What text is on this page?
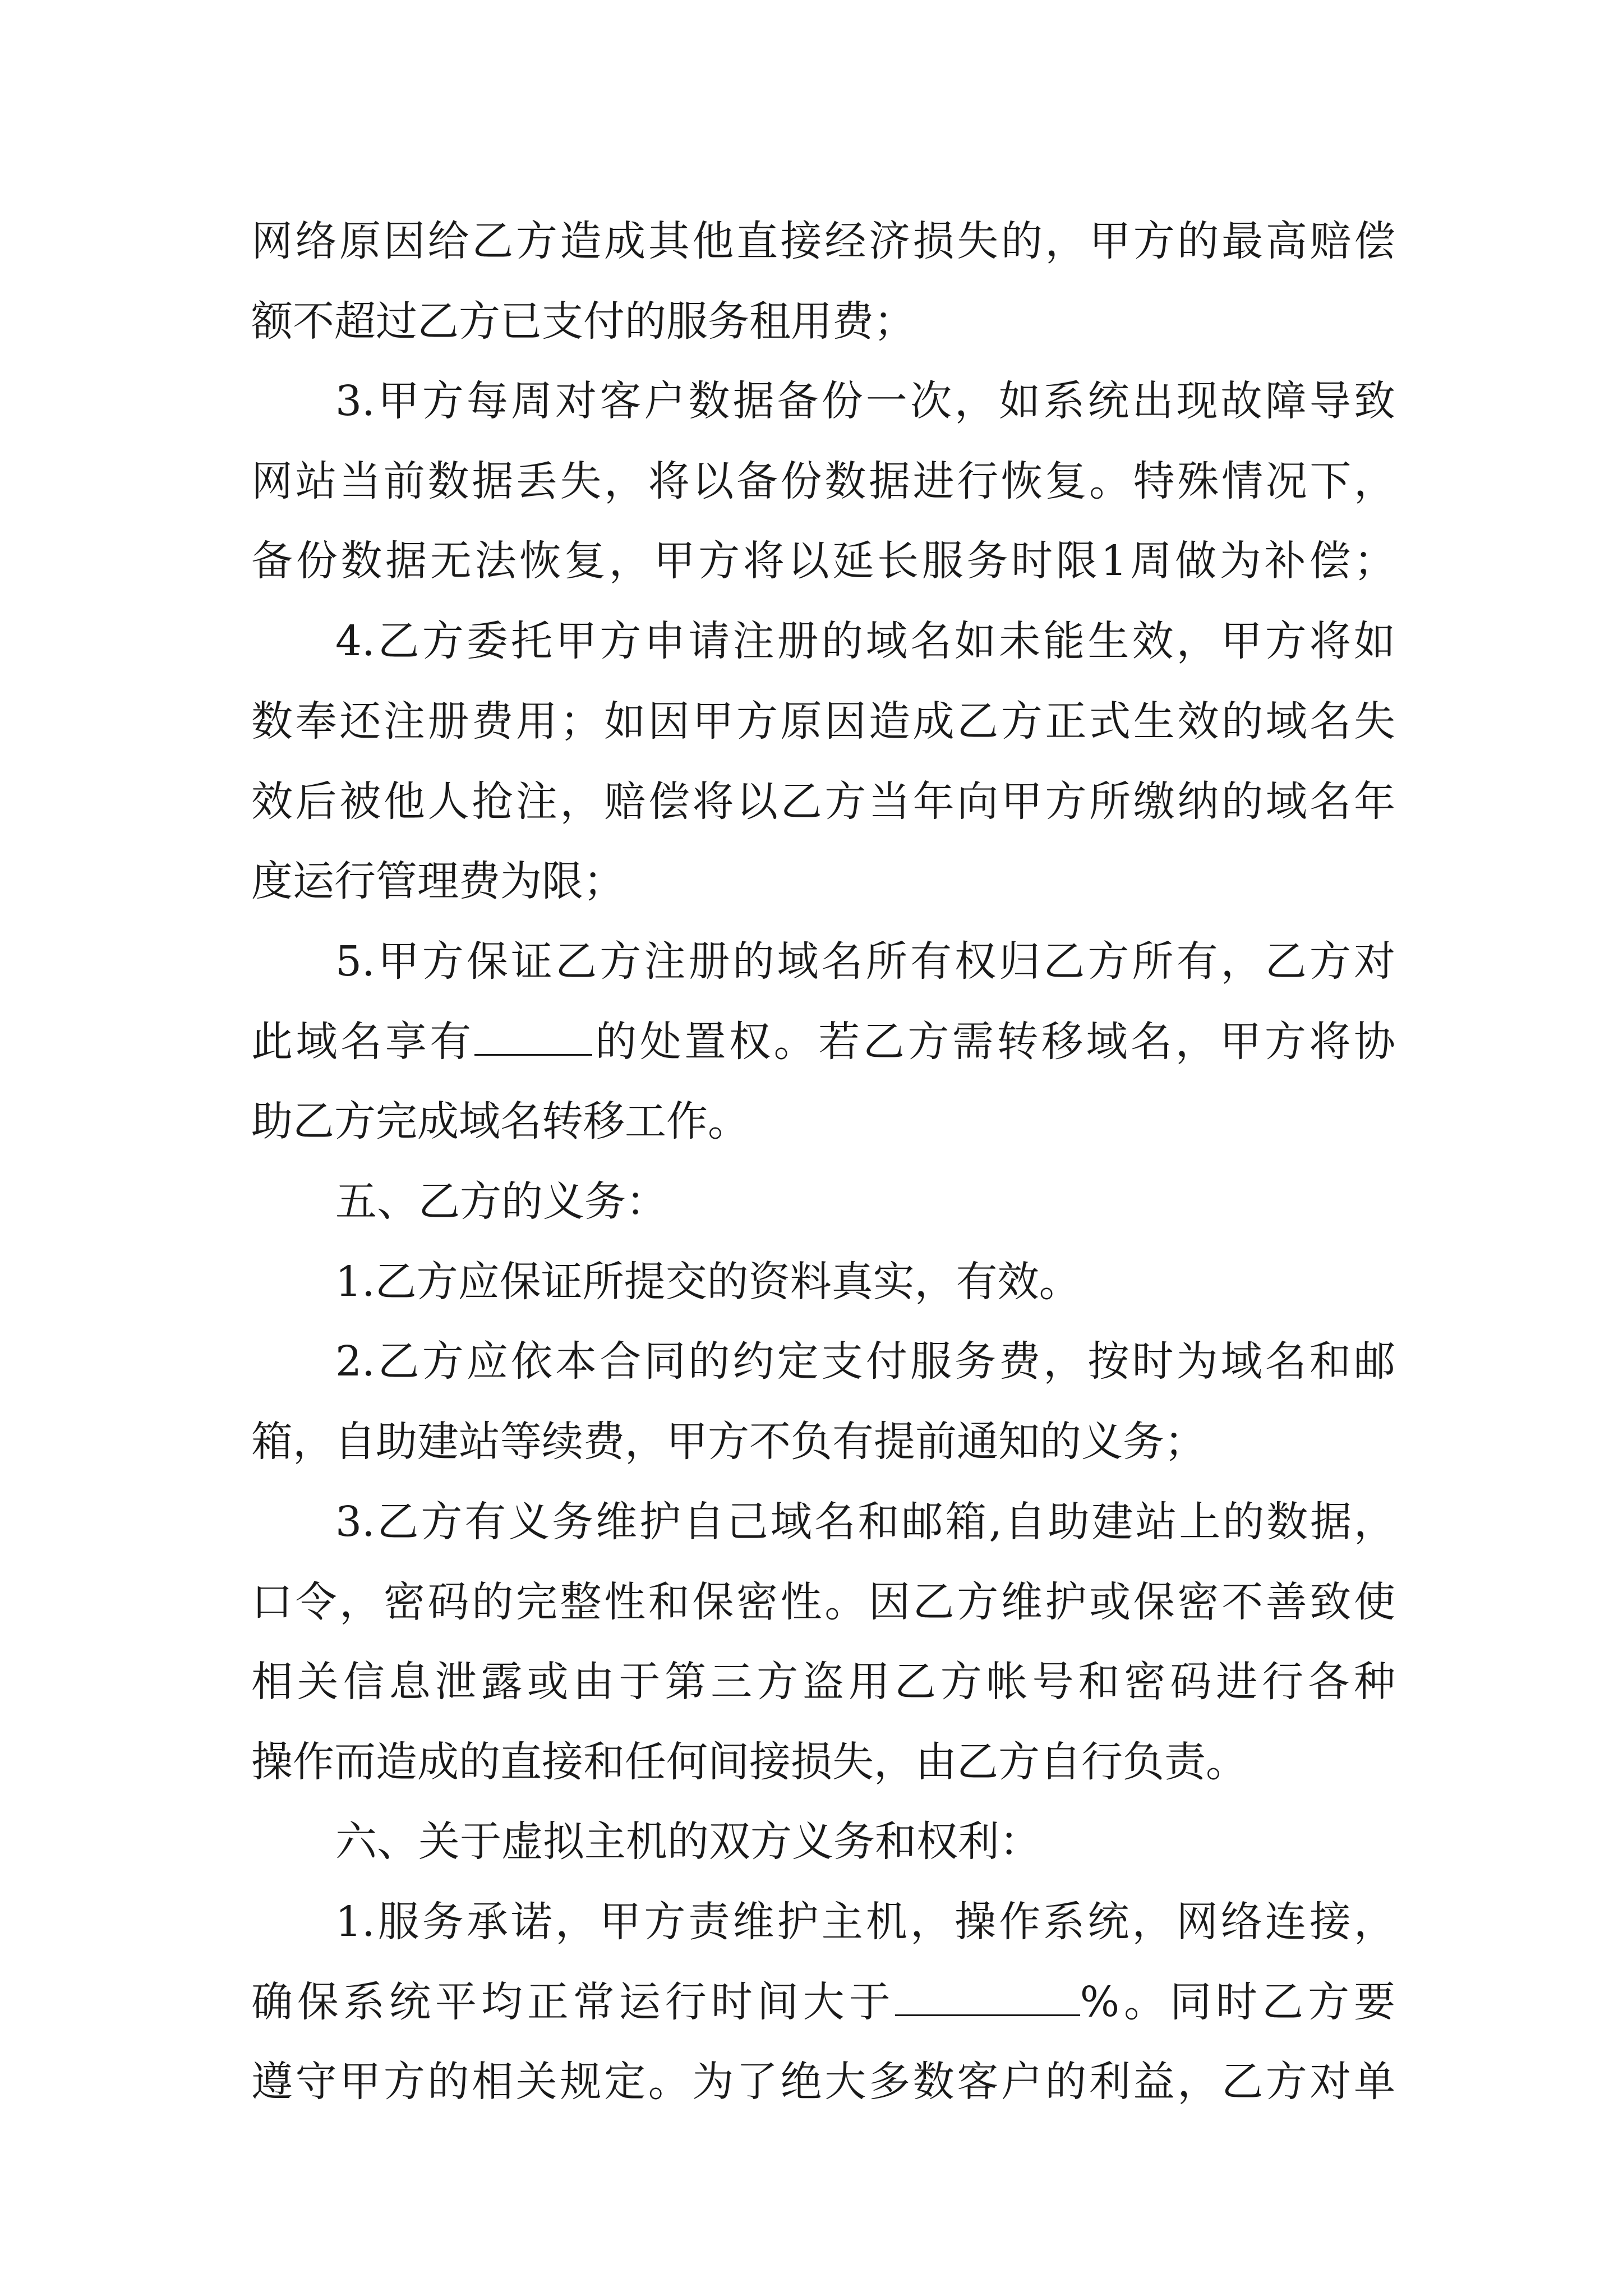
网络原因给乙方造成其他直接经济损失的，甲方的最高赔偿
额不超过乙方已支付的服务租用费；
3.甲方每周对客户数据备份一次，如系统出现故障导致
网站当前数据丢失，将以备份数据进行恢复。特殊情况下，
备份数据无法恢复，甲方将以延长服务时限1周做为补偿；
4.乙方委托甲方申请注册的域名如未能生效，甲方将如
数奉还注册费用；如因甲方原因造成乙方正式生效的域名失
效后被他人抢注，赔偿将以乙方当年向甲方所缴纳的域名年
度运行管理费为限；
5.甲方保证乙方注册的域名所有权归乙方所有，乙方对
此域名享有	的处置权。若乙方需转移域名，甲方将协
助乙方完成域名转移工作。
五、乙方的义务：
1.乙方应保证所提交的资料真实，有效。
2.乙方应依本合同的约定支付服务费，按时为域名和邮
箱，自助建站等续费，甲方不负有提前通知的义务；
3.乙方有义务维护自己域名和邮箱,自助建站上的数据，
口令，密码的完整性和保密性。因乙方维护或保密不善致使
相关信息泄露或由于第三方盗用乙方帐号和密码进行各种
操作而造成的直接和任何间接损失，由乙方自行负责。
六、关于虚拟主机的双方义务和权利：
1.服务承诺，甲方责维护主机，操作系统，网络连接，
确保系统平均正常运行时间大于	%。同时乙方要
遵守甲方的相关规定。为了绝大多数客户的利益，乙方对单
